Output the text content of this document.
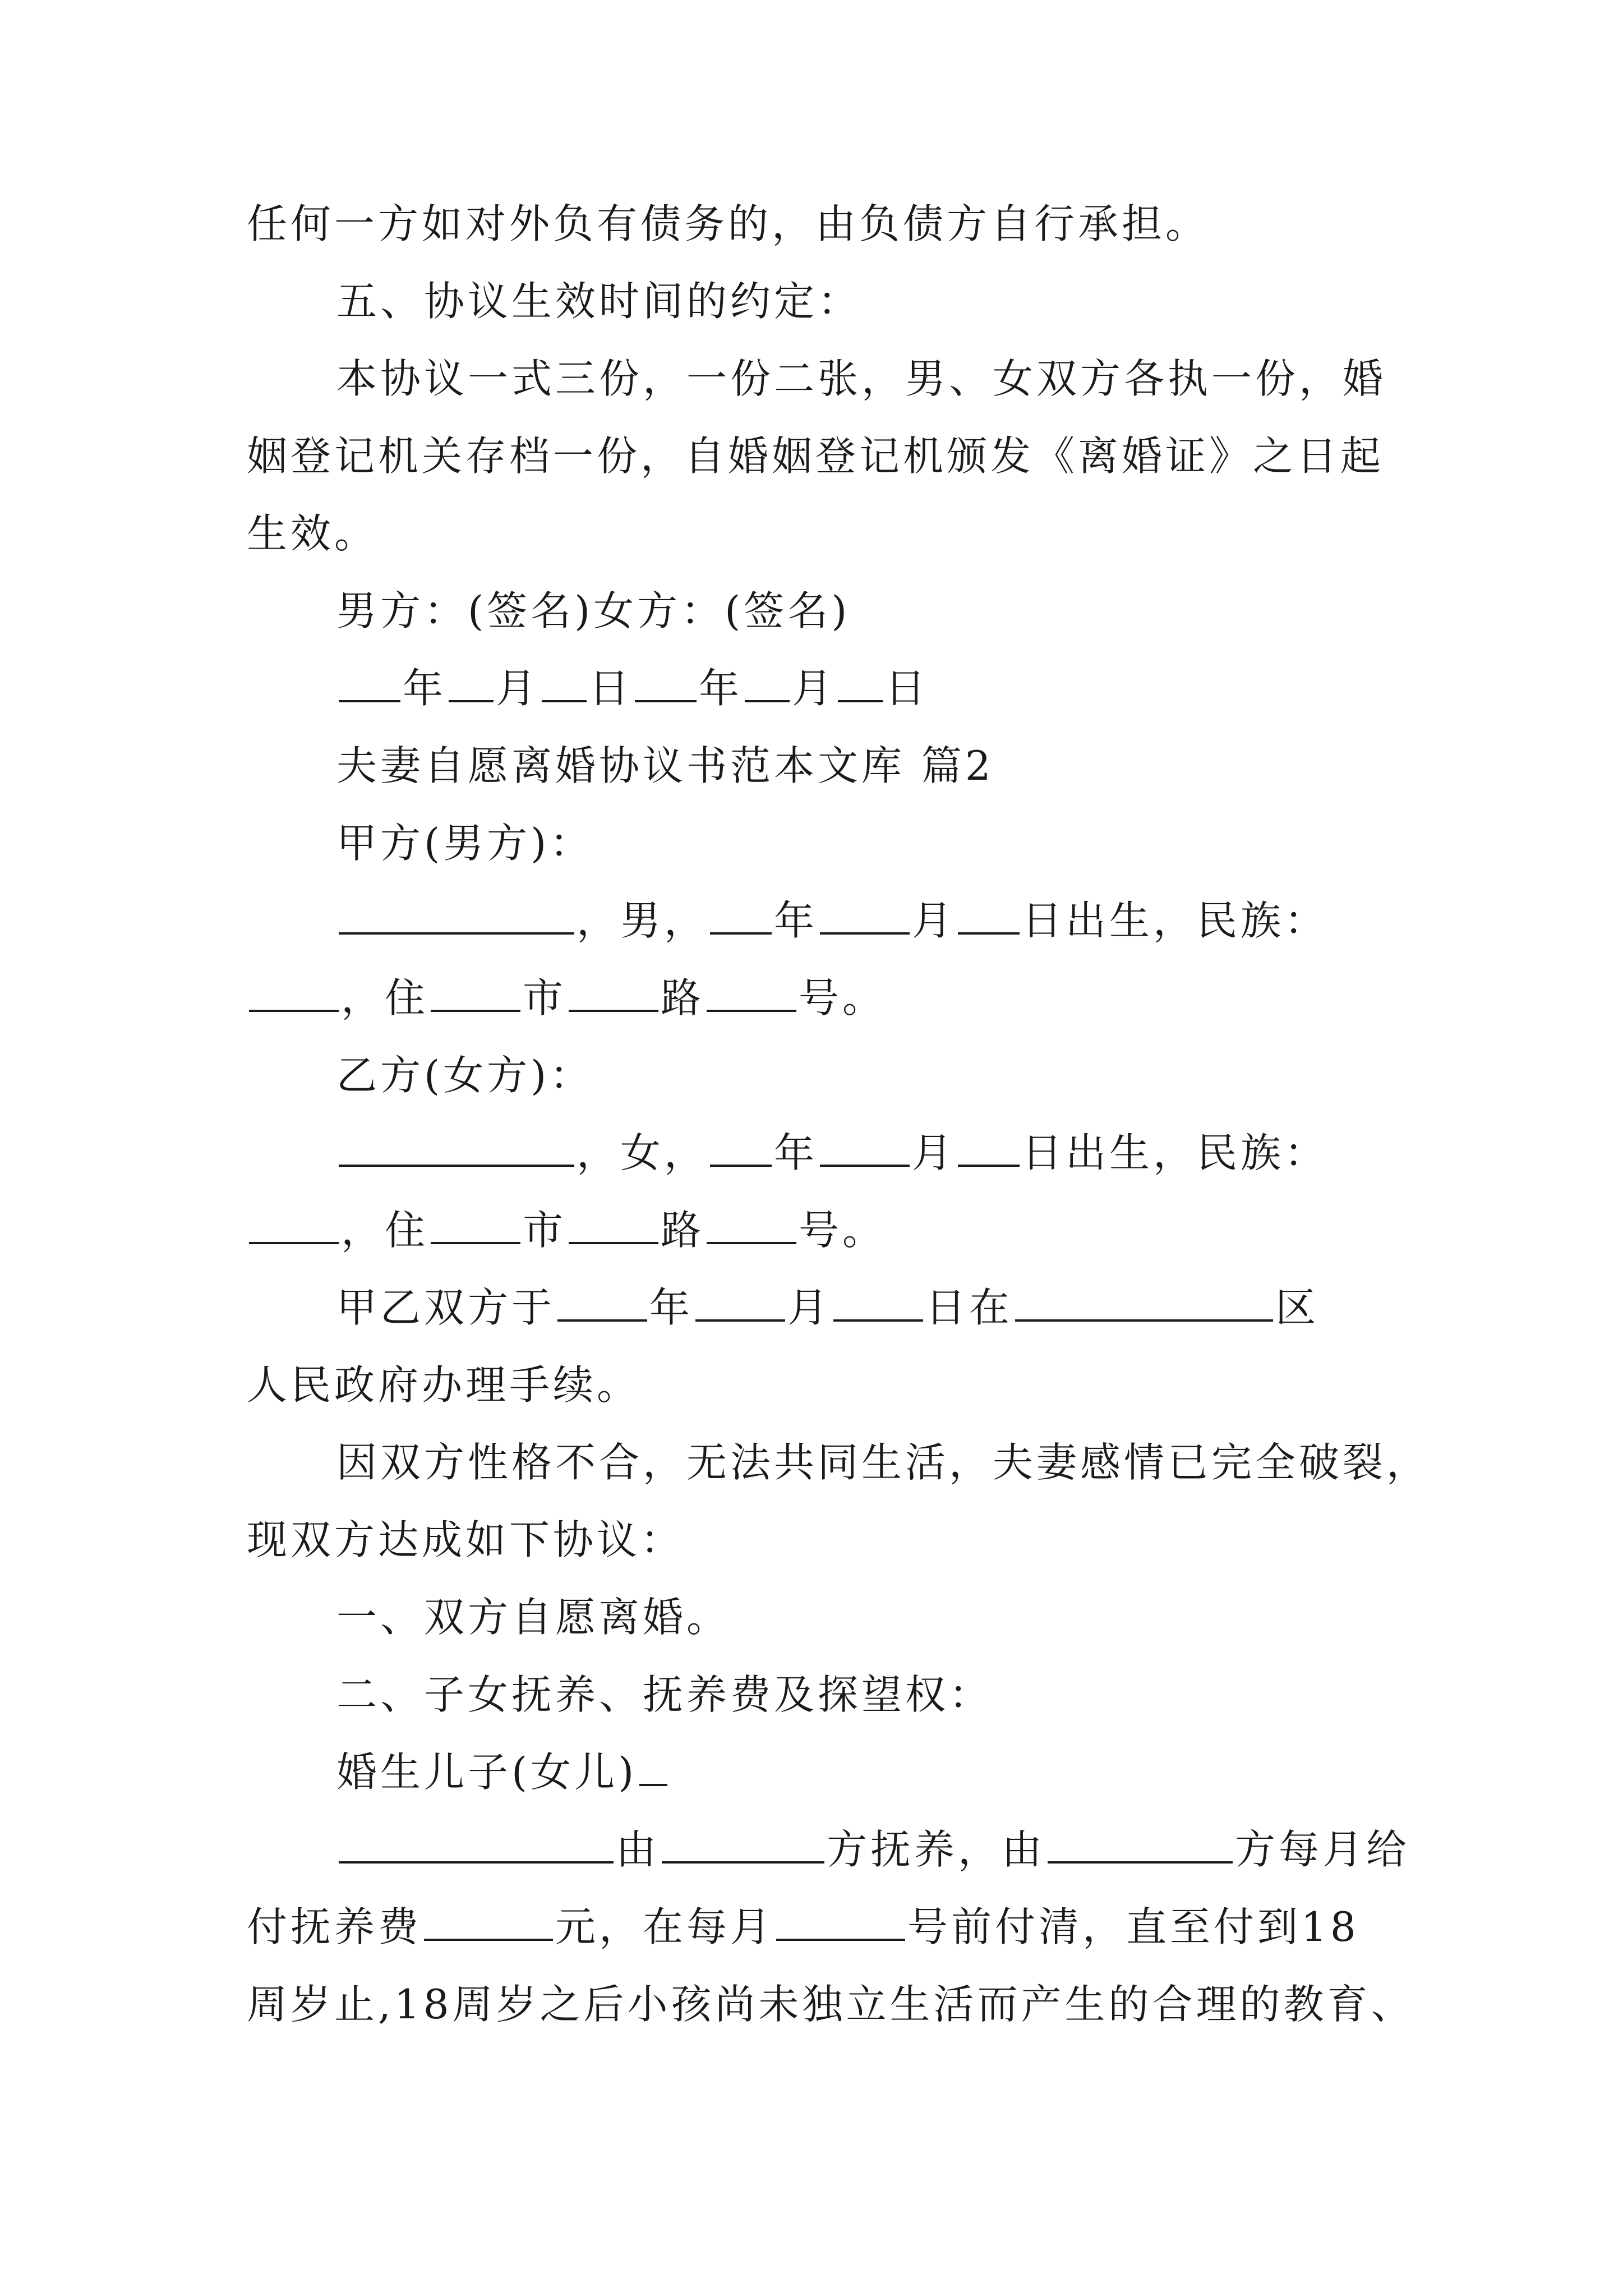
任何一方如对外负有债务的，由负债方自行承担。
五、协议生效时间的约定：
本协议一式三份，一份二张，男、女双方各执一份，婚
姻登记机关存档一份，自婚姻登记机颁发《离婚证》之日起
生效。
男方：(签名)女方：(签名)
年 月 日 年 月 日
夫妻自愿离婚协议书范本文库 篇2
甲方(男方)：
，男， 年 月 日出生，民族：
，住 市 路 号。
乙方(女方)：
，女， 年 月 日出生，民族：
，住 市 路 号。
甲乙双方于 年 月 日在	区
人民政府办理手续。
因双方性格不合，无法共同生活，夫妻感情已完全破裂，
现双方达成如下协议：
一、双方自愿离婚。
二、子女抚养、抚养费及探望权：
婚生儿子(女儿)
由	方抚养，由	方每月给
付抚养费	元，在每月	号前付清，直至付到18
周岁止,18周岁之后小孩尚未独立生活而产生的合理的教育、
